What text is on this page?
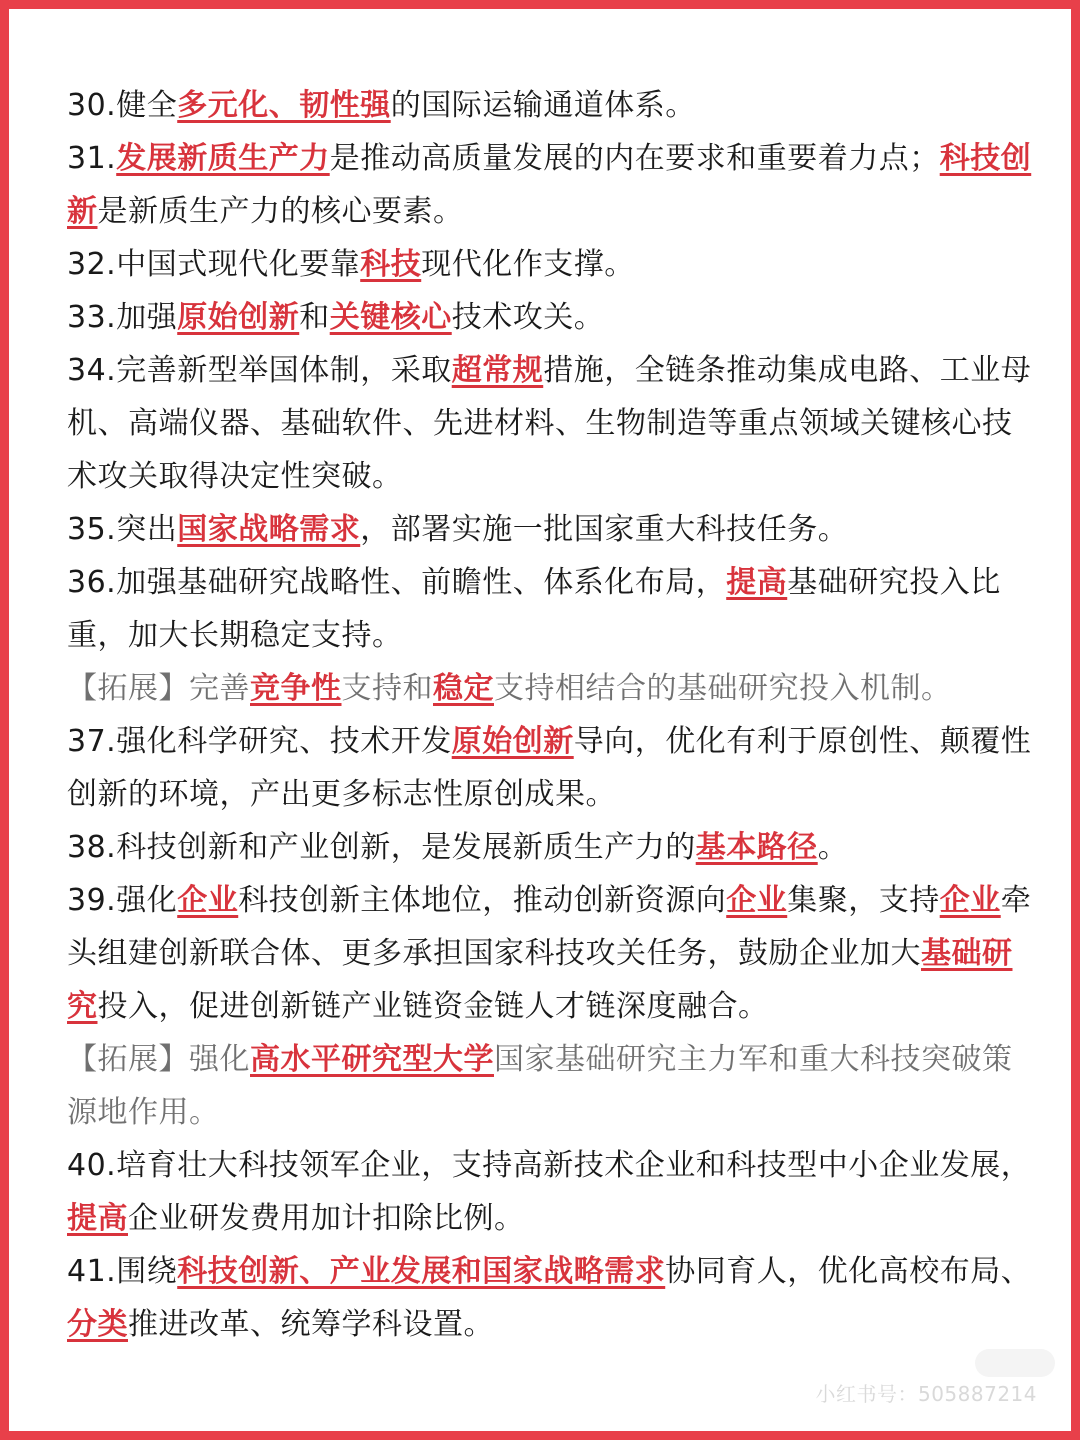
30.健全多元化、韧性强的国际运输通道体系。

31.发展新质生产力是推动高质量发展的内在要求和重要着力点；科技创新是新质生产力的核心要素。

32.中国式现代化要靠科技现代化作支撑。

33.加强原始创新和关键核心技术攻关。

34.完善新型举国体制，采取超常规措施，全链条推动集成电路、工业母机、高端仪器、基础软件、先进材料、生物制造等重点领域关键核心技术攻关取得决定性突破。

35.突出国家战略需求，部署实施一批国家重大科技任务。

36.加强基础研究战略性、前瞻性、体系化布局，提高基础研究投入比重，加大长期稳定支持。

【拓展】完善竞争性支持和稳定支持相结合的基础研究投入机制。

37.强化科学研究、技术开发原始创新导向，优化有利于原创性、颠覆性创新的环境，产出更多标志性原创成果。

38.科技创新和产业创新，是发展新质生产力的基本路径。

39.强化企业科技创新主体地位，推动创新资源向企业集聚，支持企业牵头组建创新联合体、更多承担国家科技攻关任务，鼓励企业加大基础研究投入，促进创新链产业链资金链人才链深度融合。

【拓展】强化高水平研究型大学国家基础研究主力军和重大科技突破策源地作用。

40.培育壮大科技领军企业，支持高新技术企业和科技型中小企业发展，提高企业研发费用加计扣除比例。

41.围绕科技创新、产业发展和国家战略需求协同育人，优化高校布局、分类推进改革、统筹学科设置。

小红书号：505887214
